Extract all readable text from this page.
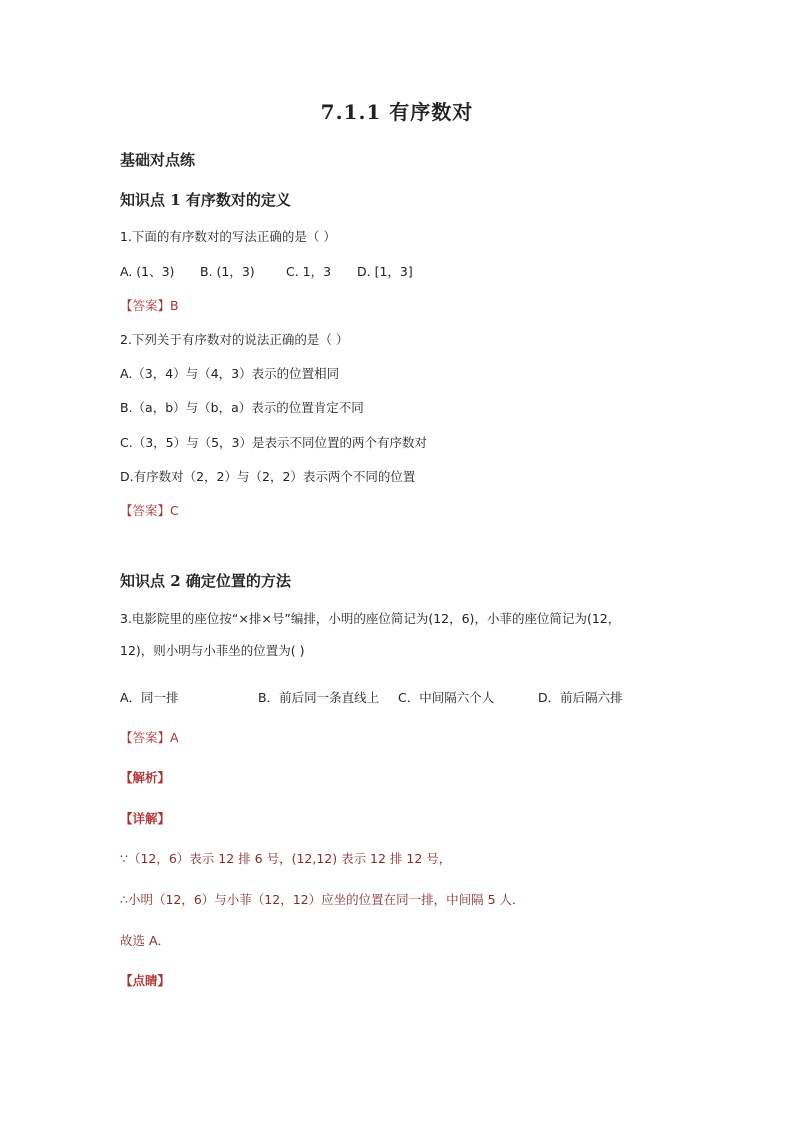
7.1.1 有序数对
基础对点练
知识点 1 有序数对的定义
1.下面的有序数对的写法正确的是（ ）
A. (1、3) B. (1，3)	C. 1，3 D. [1，3]
【答案】B
2.下列关于有序数对的说法正确的是（ ）
A.（3，4）与（4，3）表示的位置相同
B.（a，b）与（b，a）表示的位置肯定不同
C.（3，5）与（5，3）是表示不同位置的两个有序数对
D.有序数对（2，2）与（2，2）表示两个不同的位置
【答案】C
知识点 2 确定位置的方法
3.电影院里的座位按“×排×号”编排，小明的座位简记为(12，6)，小菲的座位简记为(12，
12)，则小明与小菲坐的位置为( )
A．同一排	B．前后同一条直线上 C．中间隔六个人	D．前后隔六排
【答案】A
【解析】
【详解】
∵（12，6）表示 12 排 6 号，(12,12) 表示 12 排 12 号，
∴小明（12，6）与小菲（12，12）应坐的位置在同一排，中间隔 5 人．
故选 A．
【点睛】
